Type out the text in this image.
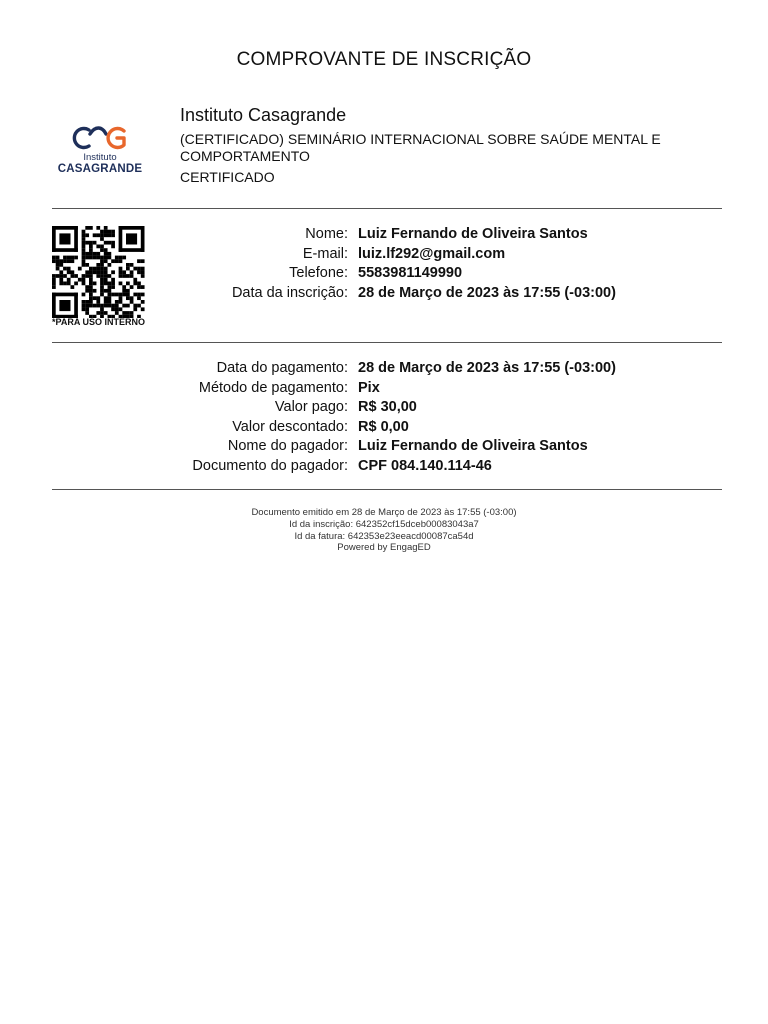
COMPROVANTE DE INSCRIÇÃO
Instituto
CASAGRANDE
Instituto Casagrande
(CERTIFICADO) SEMINÁRIO INTERNACIONAL SOBRE SAÚDE MENTAL E COMPORTAMENTO
CERTIFICADO
*PARA USO INTERNO
Nome: Luiz Fernando de Oliveira Santos
E-mail: luiz.lf292@gmail.com
Telefone: 5583981149990
Data da inscrição: 28 de Março de 2023 às 17:55 (-03:00)
Data do pagamento: 28 de Março de 2023 às 17:55 (-03:00)
Método de pagamento: Pix
Valor pago: R$ 30,00
Valor descontado: R$ 0,00
Nome do pagador: Luiz Fernando de Oliveira Santos
Documento do pagador: CPF 084.140.114-46
Documento emitido em 28 de Março de 2023 às 17:55 (-03:00)
Id da inscrição: 642352cf15dceb00083043a7
Id da fatura: 642353e23eeacd00087ca54d
Powered by EngagED
